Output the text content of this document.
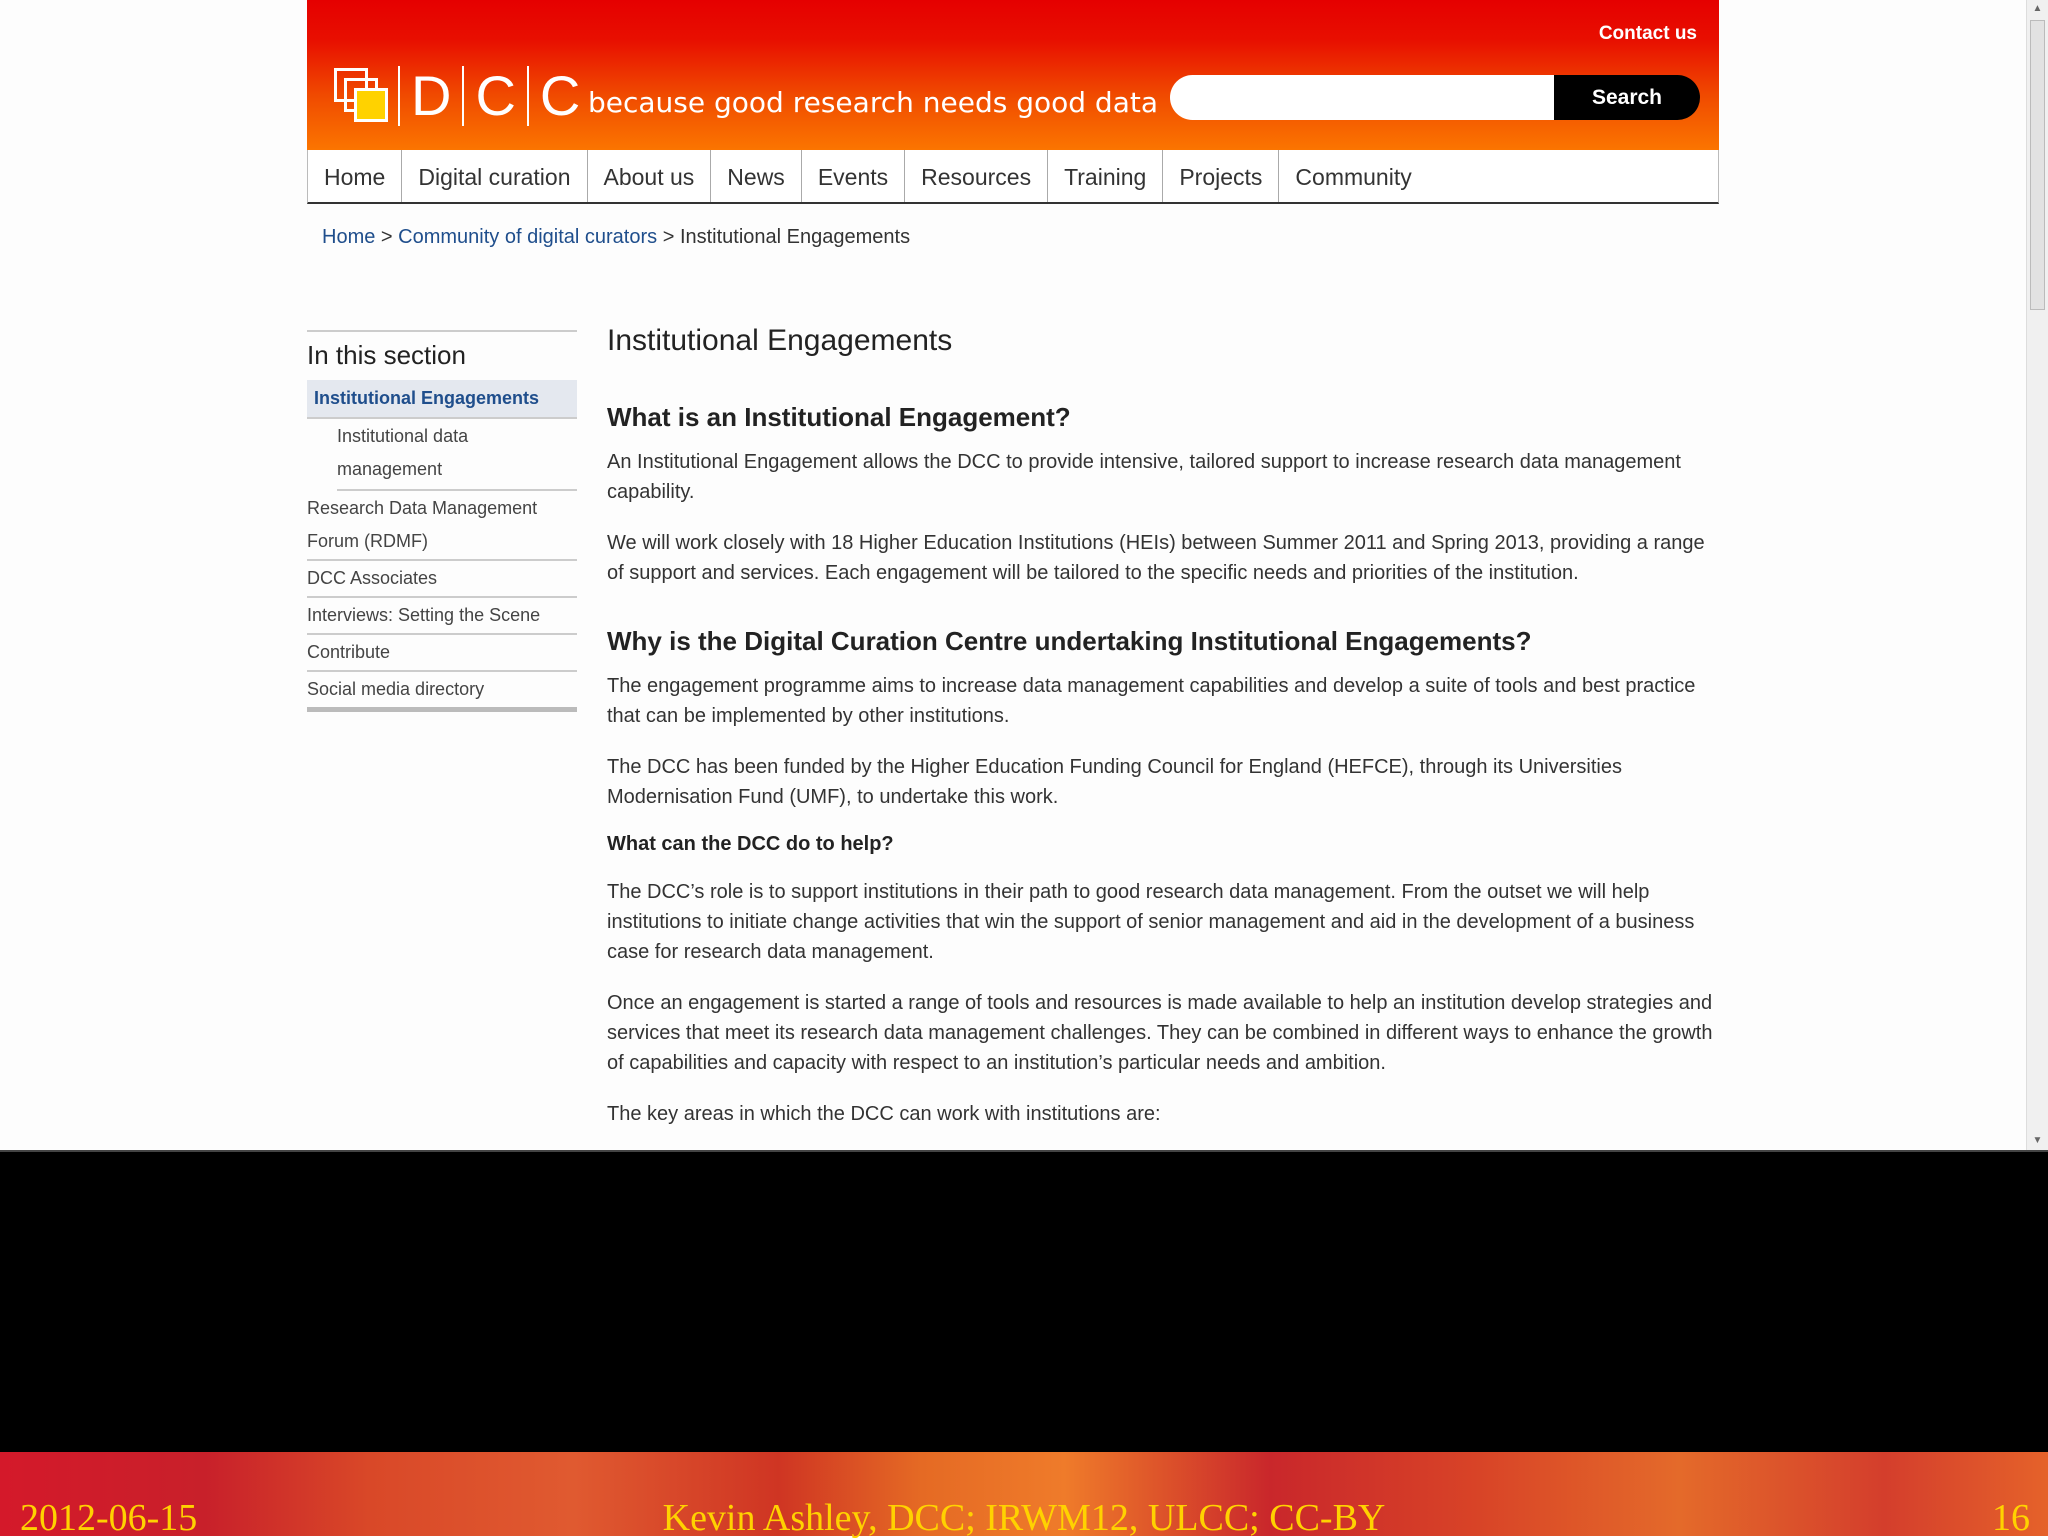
Contact us
D C C because good research needs good data	Search
Home	Digital curation	About us	News	Events	Resources	Training	Projects	Community
Home > Community of digital curators > Institutional Engagements
In this section
Institutional Engagements
Institutional data management
Research Data Management Forum (RDMF)
DCC Associates
Interviews: Setting the Scene
Contribute
Social media directory
Institutional Engagements
What is an Institutional Engagement?

An Institutional Engagement allows the DCC to provide intensive, tailored support to increase research data management capability.

We will work closely with 18 Higher Education Institutions (HEIs) between Summer 2011 and Spring 2013, providing a range of support and services. Each engagement will be tailored to the specific needs and priorities of the institution.

Why is the Digital Curation Centre undertaking Institutional Engagements?

The engagement programme aims to increase data management capabilities and develop a suite of tools and best practice that can be implemented by other institutions.

The DCC has been funded by the Higher Education Funding Council for England (HEFCE), through its Universities Modernisation Fund (UMF), to undertake this work.

What can the DCC do to help?

The DCC’s role is to support institutions in their path to good research data management. From the outset we will help institutions to initiate change activities that win the support of senior management and aid in the development of a business case for research data management.

Once an engagement is started a range of tools and resources is made available to help an institution develop strategies and services that meet its research data management challenges. They can be combined in different ways to enhance the growth of capabilities and capacity with respect to an institution’s particular needs and ambition.

The key areas in which the DCC can work with institutions are:

▲
▼
Kevin Ashley, DCC; IRWM12, ULCC; CC-BY
2012-06-15	16
